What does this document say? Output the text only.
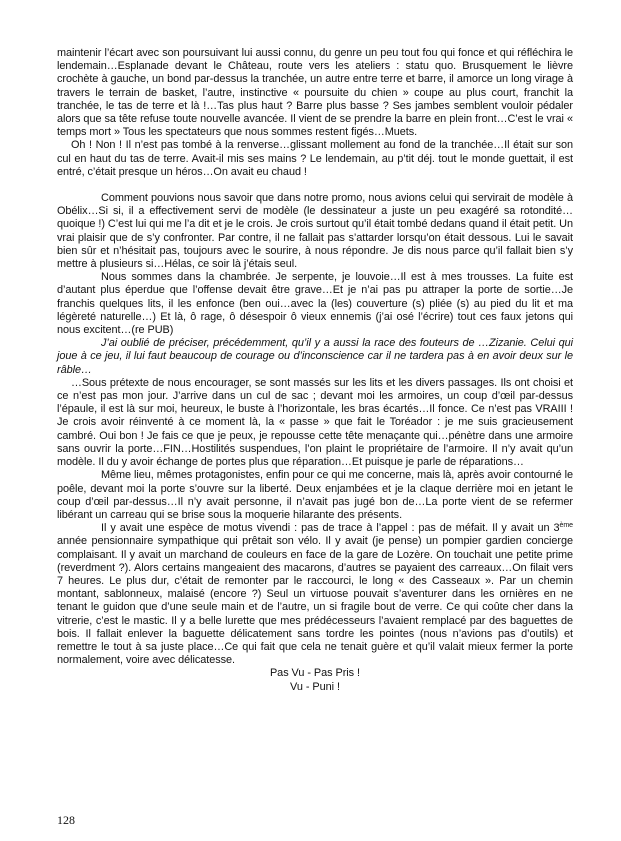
maintenir l’écart avec son poursuivant lui aussi connu, du genre un peu tout fou qui fonce et qui réfléchira le lendemain…Esplanade devant le Château, route vers les ateliers : statu quo. Brusquement le lièvre crochète à gauche, un bond par-dessus la tranchée, un autre entre terre et barre, il amorce un long virage à travers le terrain de basket, l’autre, instinctive « poursuite du chien » coupe au plus court, franchit la tranchée, le tas de terre et là !…Tas plus haut ? Barre plus basse ? Ses jambes semblent vouloir pédaler alors que sa tête refuse toute nouvelle avancée. Il vient de se prendre la barre en plein front…C’est le vrai « temps mort » Tous les spectateurs que nous sommes restent figés…Muets.

Oh ! Non ! Il n’est pas tombé à la renverse…glissant mollement au fond de la tranchée…Il était sur son cul en haut du tas de terre. Avait-il mis ses mains ? Le lendemain, au p’tit déj. tout le monde guettait, il est entré, c’était presque un héros…On avait eu chaud !

Comment pouvions nous savoir que dans notre promo, nous avions celui qui servirait de modèle à Obélix…Si si, il a effectivement servi de modèle (le dessinateur a juste un peu exagéré sa rotondité…quoique !) C’est lui qui me l’a dit et je le crois. Je crois surtout qu’il était tombé dedans quand il était petit. Un vrai plaisir que de s’y confronter. Par contre, il ne fallait pas s’attarder lorsqu’on était dessous. Lui le savait bien sûr et n’hésitait pas, toujours avec le sourire, à nous répondre. Je dis nous parce qu’il fallait bien s’y mettre à plusieurs si…Hélas, ce soir là j’étais seul.

Nous sommes dans la chambrée. Je serpente, je louvoie…Il est à mes trousses. La fuite est d’autant plus éperdue que l’offense devait être grave…Et je n’ai pas pu attraper la porte de sortie…Je franchis quelques lits, il les enfonce (ben oui…avec la (les) couverture (s) pliée (s) au pied du lit et ma légèreté naturelle…) Et là, ô rage, ô désespoir ô vieux ennemis (j’ai osé l’écrire) tout ces faux jetons qui nous excitent…(re PUB)

J’ai oublié de préciser, précédemment, qu’il y a aussi la race des fouteurs de …Zizanie. Celui qui joue à ce jeu, il lui faut beaucoup de courage ou d’inconscience car il ne tardera pas à en avoir deux sur le râble…

…Sous prétexte de nous encourager, se sont massés sur les lits et les divers passages. Ils ont choisi et ce n’est pas mon jour. J’arrive dans un cul de sac ; devant moi les armoires, un coup d’œil par-dessus l’épaule, il est là sur moi, heureux, le buste à l’horizontale, les bras écartés…Il fonce. Ce n’est pas VRAIII ! Je crois avoir réinventé à ce moment là, la « passe » que fait le Toréador : je me suis gracieusement cambré. Oui bon ! Je fais ce que je peux, je repousse cette tête menaçante qui…pénètre dans une armoire sans ouvrir la porte…FIN…Hostilités suspendues, l’on plaint le propriétaire de l’armoire. Il n’y avait qu’un modèle. Il du y avoir échange de portes plus que réparation…Et puisque je parle de réparations…

Même lieu, mêmes protagonistes, enfin pour ce qui me concerne, mais là, après avoir contourné le poêle, devant moi la porte s’ouvre sur la liberté. Deux enjambées et je la claque derrière moi en jetant le coup d’œil par-dessus…Il n’y avait personne, il n’avait pas jugé bon de…La porte vient de se refermer libérant un carreau qui se brise sous la moquerie hilarante des présents.

Il y avait une espèce de motus vivendi : pas de trace à l’appel : pas de méfait. Il y avait un 3ème année pensionnaire sympathique qui prêtait son vélo. Il y avait (je pense) un pompier gardien concierge complaisant. Il y avait un marchand de couleurs en face de la gare de Lozère. On touchait une petite prime (reverdment ?). Alors certains mangeaient des macarons, d’autres se payaient des carreaux…On filait vers 7 heures. Le plus dur, c’était de remonter par le raccourci, le long « des Casseaux ». Par un chemin montant, sablonneux, malaisé (encore ?) Seul un virtuose pouvait s’aventurer dans les ornières en ne tenant le guidon que d’une seule main et de l’autre, un si fragile bout de verre. Ce qui coûte cher dans la vitrerie, c’est le mastic. Il y a belle lurette que mes prédécesseurs l’avaient remplacé par des baguettes de bois. Il fallait enlever la baguette délicatement sans tordre les pointes (nous n’avions pas d’outils) et remettre le tout à sa juste place…Ce qui fait que cela ne tenait guère et qu’il valait mieux fermer la porte normalement, voire avec délicatesse.

Pas Vu - Pas Pris !

Vu - Puni !

128
